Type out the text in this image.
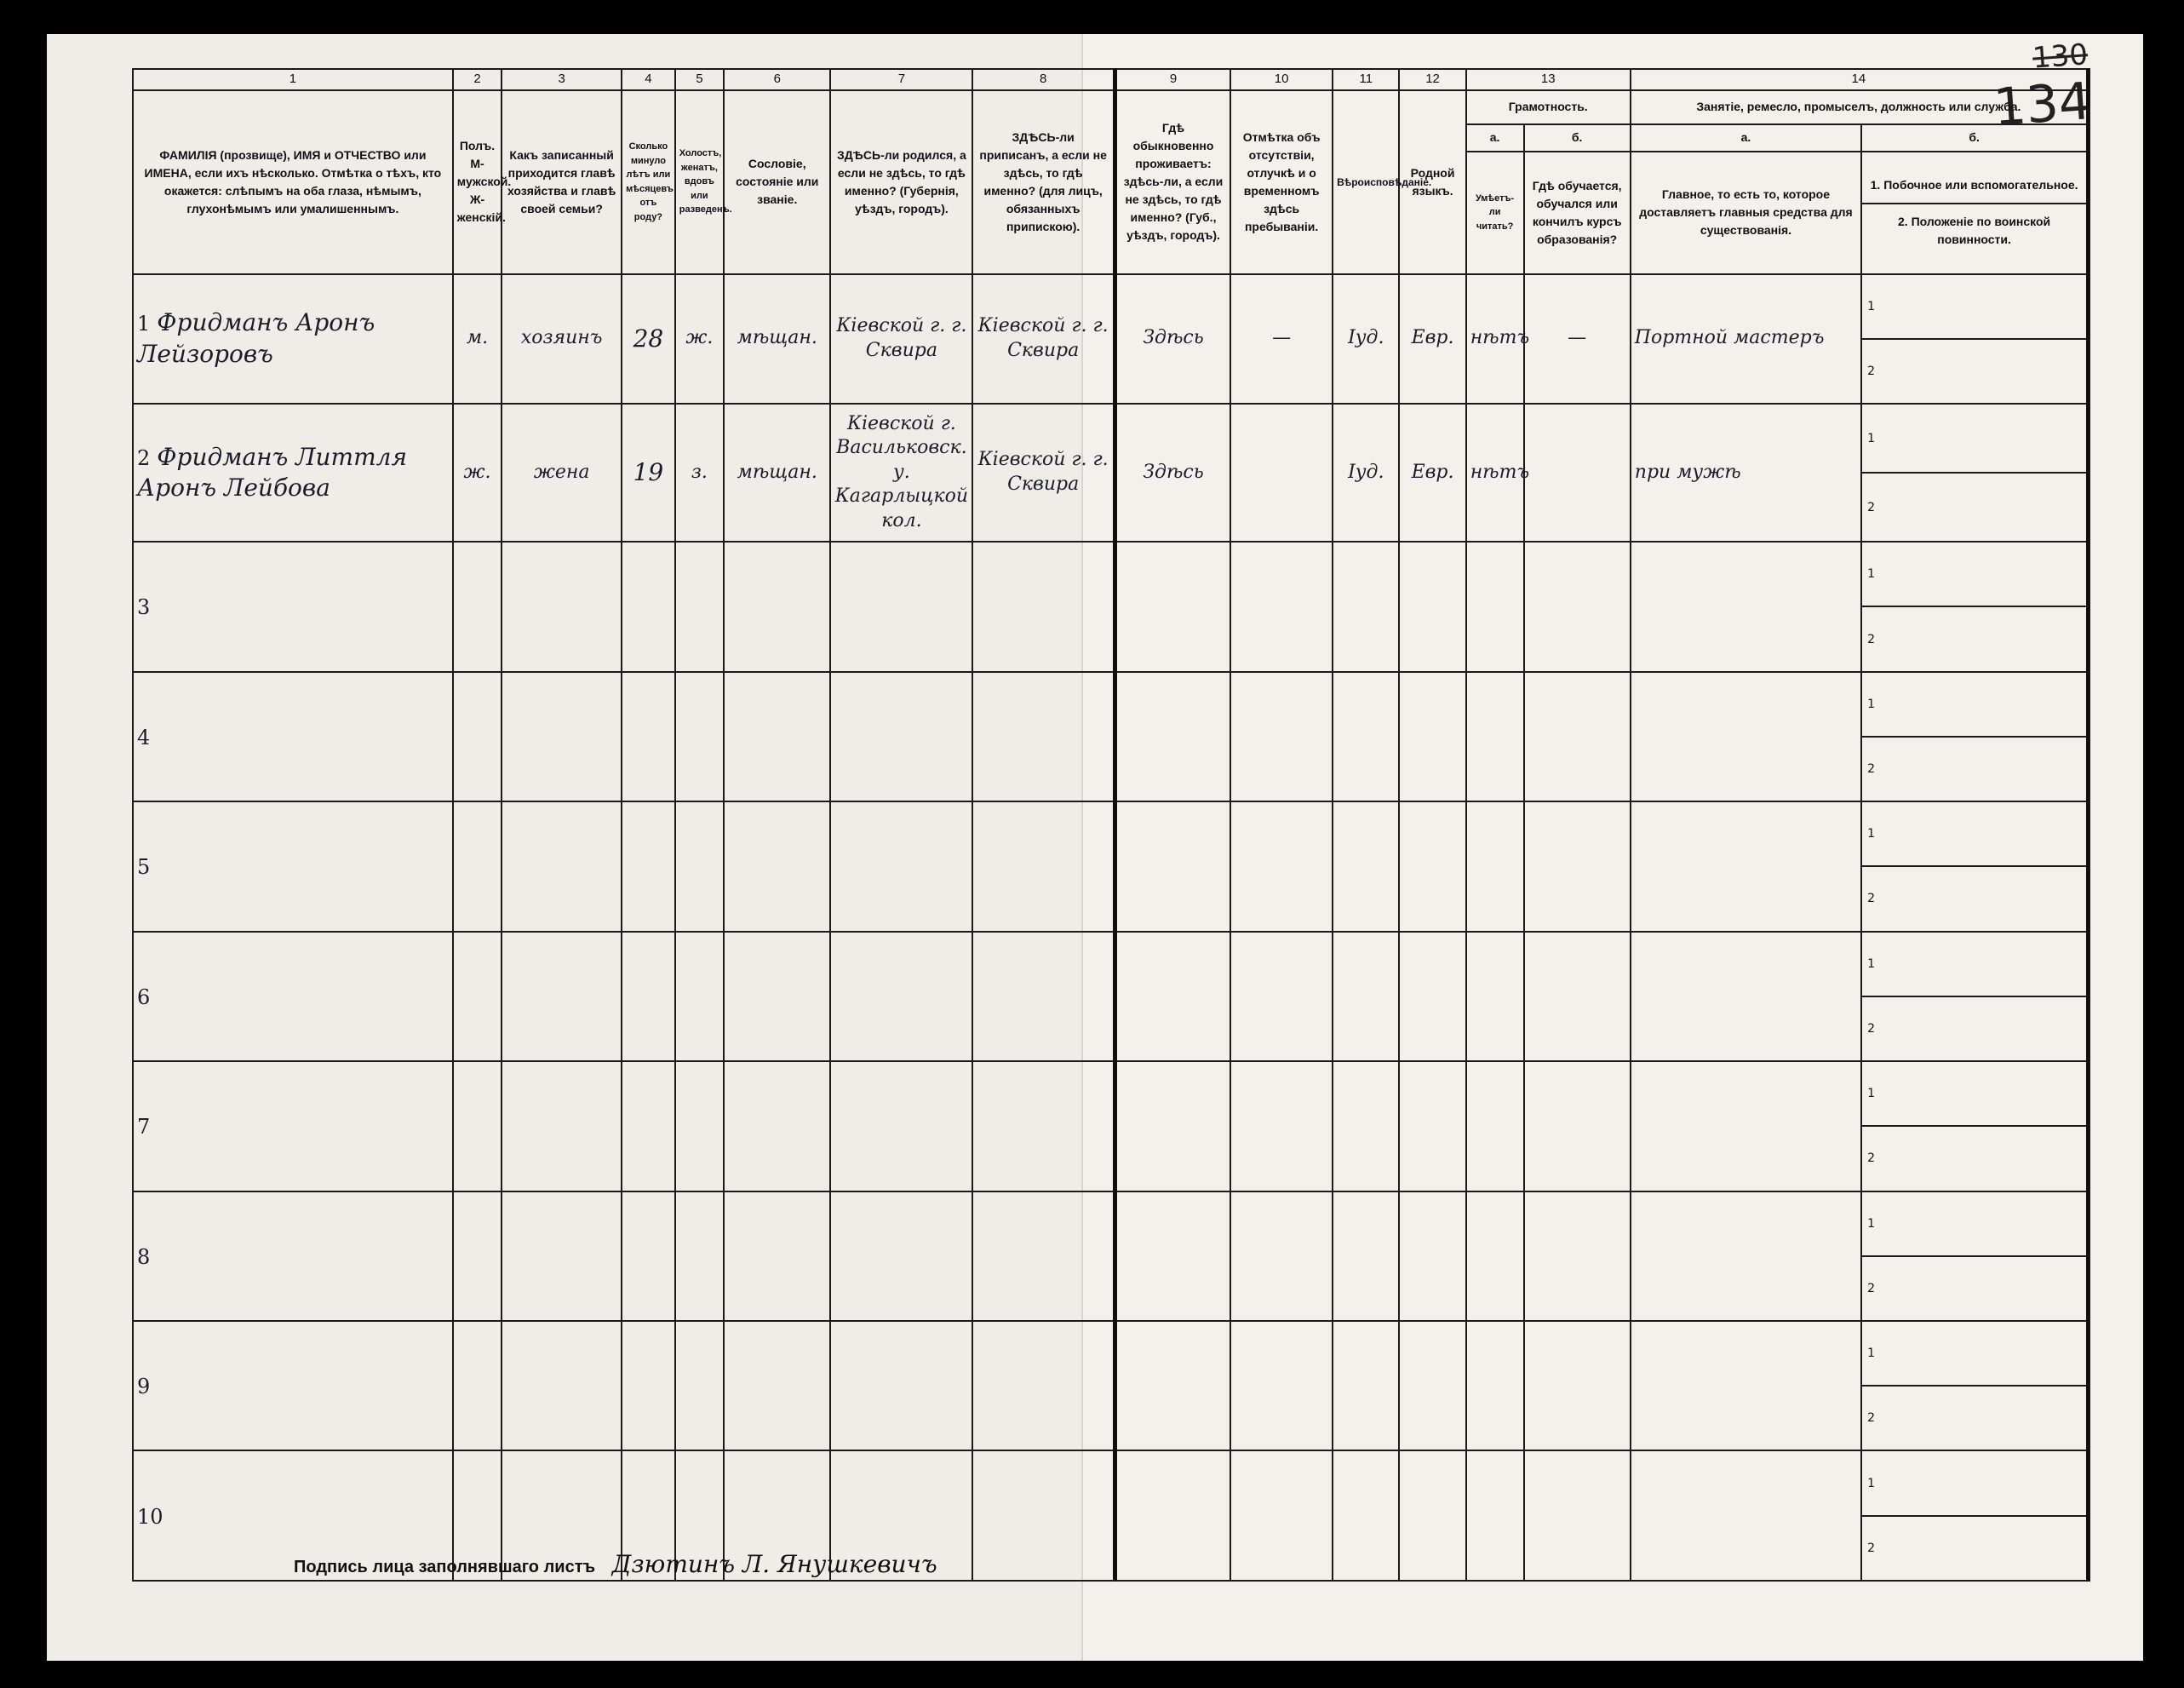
130
134
1	2	3	4	5	6	7	8	9	10	11	12	13		14	
ФАМИЛІЯ (прозвище), ИМЯ и ОТЧЕСТВО или ИМЕНА, если ихъ нѣсколько. Отмѣтка о тѣхъ, кто окажется: слѣпымъ на оба глаза, нѣмымъ, глухонѣмымъ или умалишеннымъ.	Полъ. М-мужской. Ж-женскій.	Какъ записанный приходится главѣ хозяйства и главѣ своей семьи?	Сколько минуло лѣтъ или мѣсяцевъ отъ роду?	Холостъ, женатъ, вдовъ или разведенъ.	Сословіе, состояніе или званіе.	ЗДѢСЬ-ли родился, а если не здѣсь, то гдѣ именно? (Губернія, уѣздъ, городъ).	ЗДѢСЬ-ли приписанъ, а если не здѣсь, то гдѣ именно? (для лицъ, обязанныхъ припискою).	Гдѣ обыкновенно проживаетъ: здѣсь-ли, а если не здѣсь, то гдѣ именно? (Губ., уѣздъ, городъ).	Отмѣтка объ отсутствіи, отлучкѣ и о временномъ здѣсь пребываніи.	Вѣроисповѣданіе.	Родной языкъ.	Грамотность.		Занятіе, ремесло, промыселъ, должность или служба.	
												а.	б.	а.	б.
												Умѣетъ-ли читать?	Гдѣ обучается, обучался или кончилъ курсъ образованія?	Главное, то есть то, которое доставляетъ главныя средства для существованія.	1. Побочное или вспомогательное.
2. Положеніе по воинской повинности.

1 Фридманъ Аронъ Лейзоровъ	м.	хозяинъ	28	ж.	мѣщан.	Кіевской г. г. Сквира	Кіевской г. г. Сквира	Здѣсь	—	Іуд.	Евр.	нѣтъ	—	Портной мастеръ	1
															2
2 Фридманъ Литтля Аронъ Лейбова	ж.	жена	19	з.	мѣщан.	Кіевской г. Васильковск. у. Кагарлыцкой кол.	Кіевской г. г. Сквира	Здѣсь		Іуд.	Евр.	нѣтъ		при мужѣ	1
															2
3															1
															2
4															1
															2
5															1
															2
6															1
															2
7															1
															2
8															1
															2
9															1
															2
10															1
															2
Подпись лица заполнявшаго листъ Дзютинъ Л. Янушкевичъ
